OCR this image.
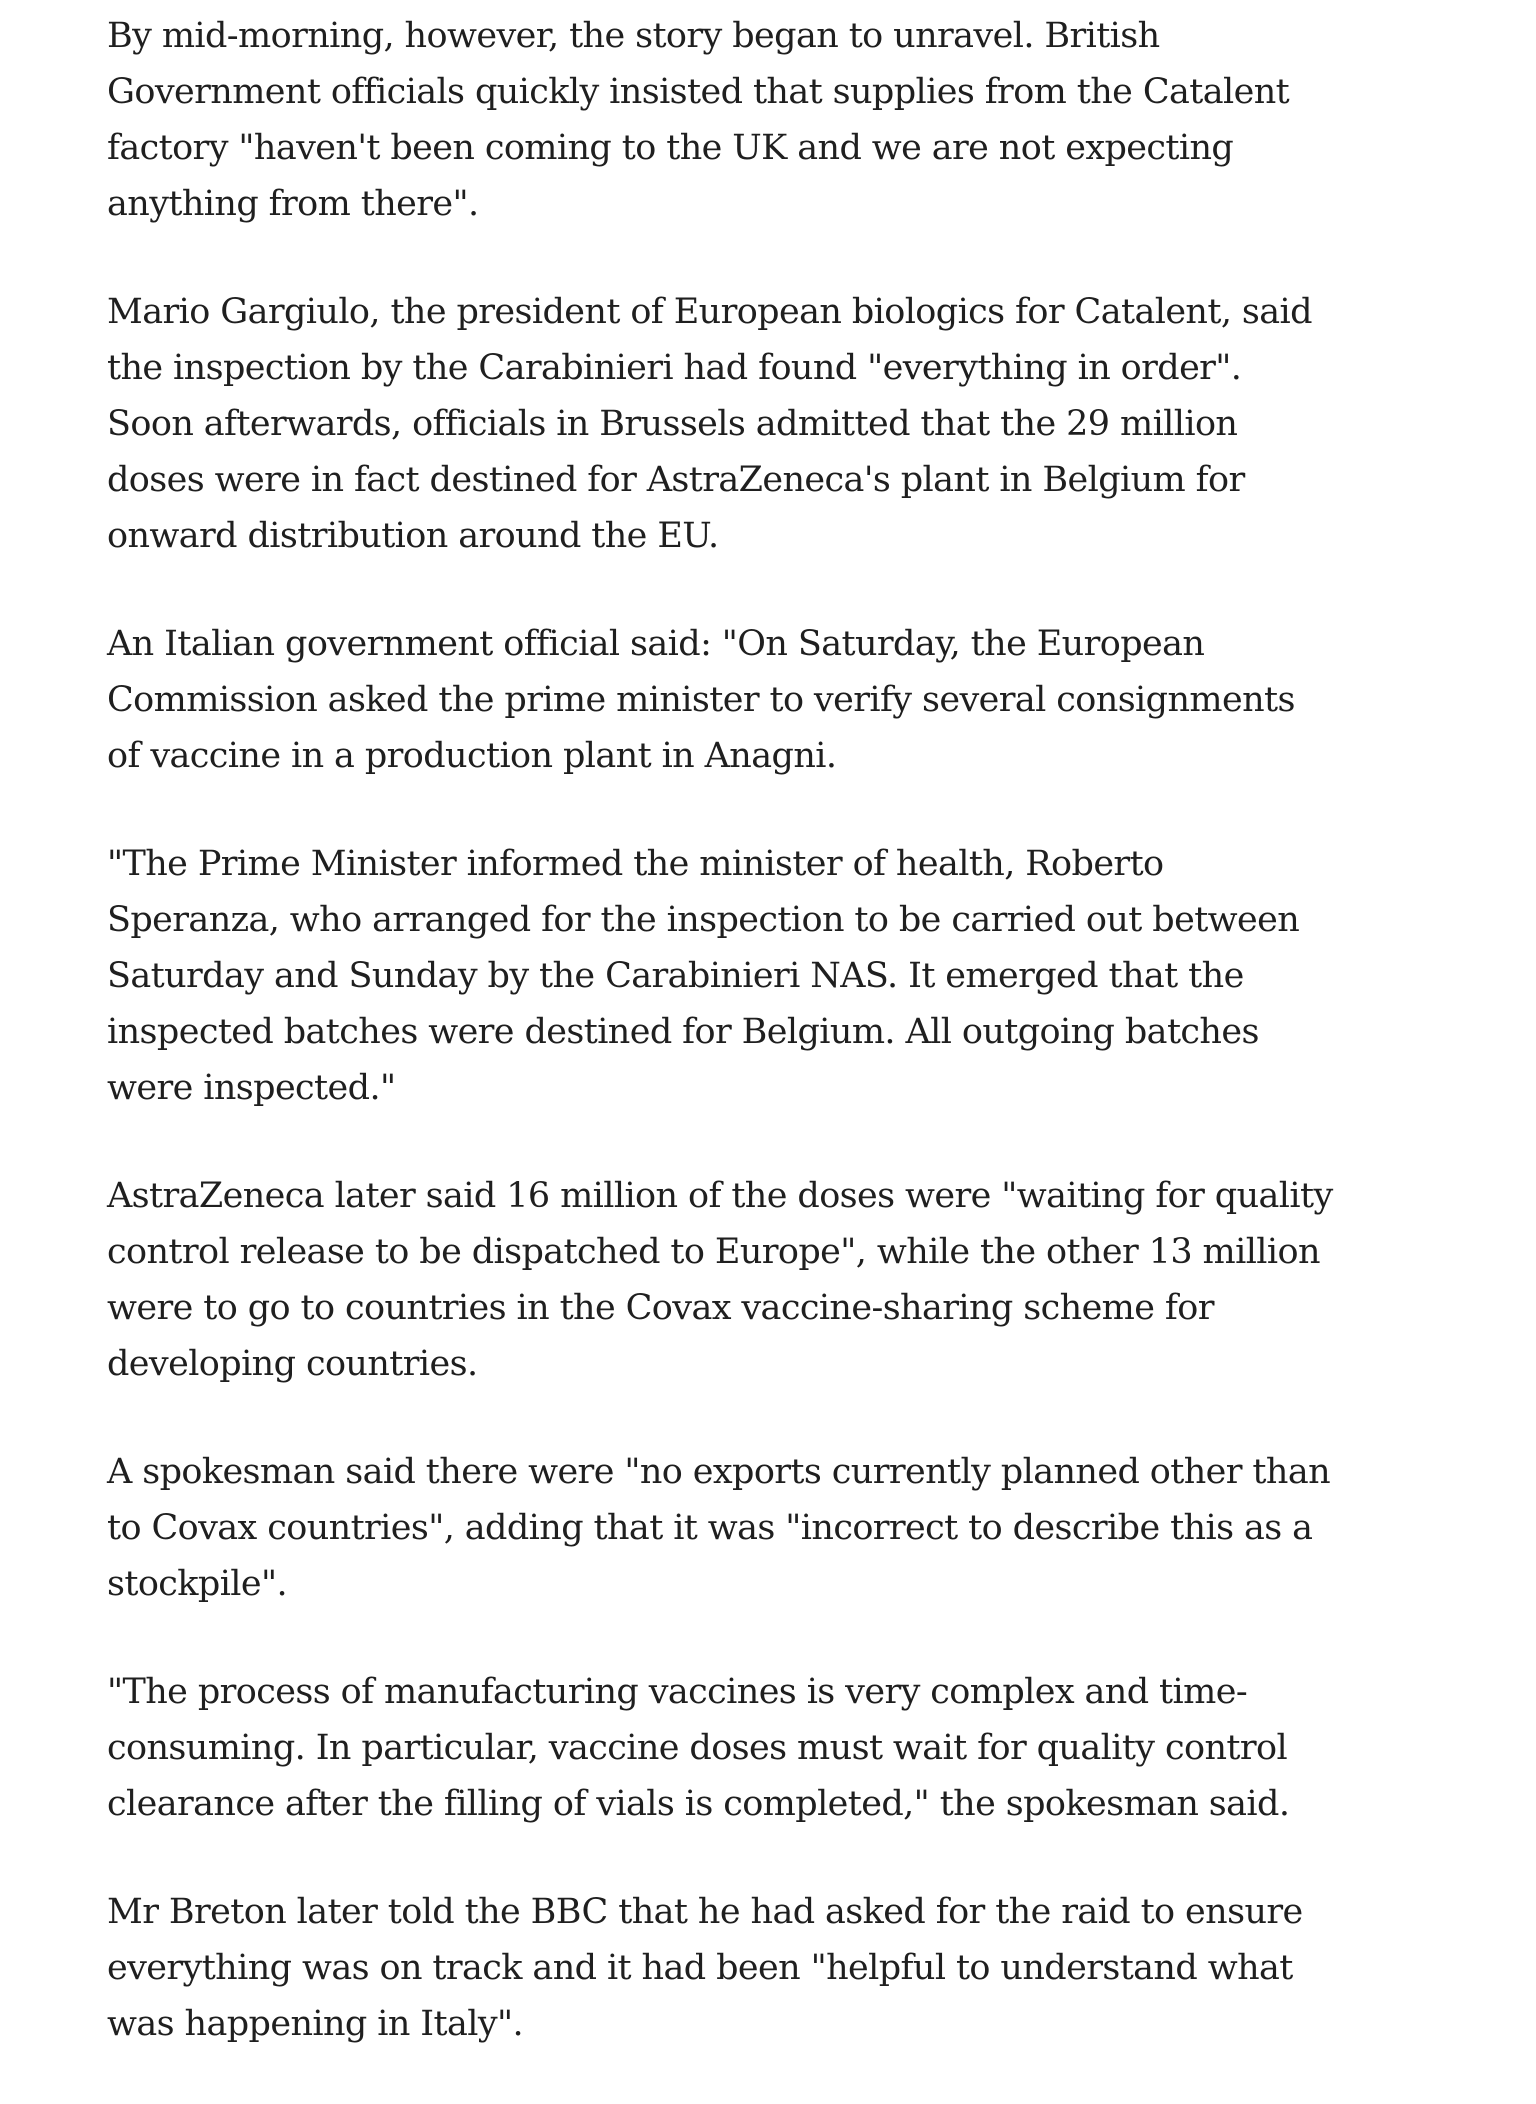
By mid-morning, however, the story began to unravel. British Government officials quickly insisted that supplies from the Catalent factory "haven't been coming to the UK and we are not expecting anything from there".

Mario Gargiulo, the president of European biologics for Catalent, said the inspection by the Carabinieri had found "everything in order". Soon afterwards, officials in Brussels admitted that the 29 million doses were in fact destined for AstraZeneca's plant in Belgium for onward distribution around the EU.

An Italian government official said: "On Saturday, the European Commission asked the prime minister to verify several consignments of vaccine in a production plant in Anagni.

"The Prime Minister informed the minister of health, Roberto Speranza, who arranged for the inspection to be carried out between Saturday and Sunday by the Carabinieri NAS. It emerged that the inspected batches were destined for Belgium. All outgoing batches were inspected."

AstraZeneca later said 16 million of the doses were "waiting for quality control release to be dispatched to Europe", while the other 13 million were to go to countries in the Covax vaccine-sharing scheme for developing countries.

A spokesman said there were "no exports currently planned other than to Covax countries", adding that it was "incorrect to describe this as a stockpile".

"The process of manufacturing vaccines is very complex and time-consuming. In particular, vaccine doses must wait for quality control clearance after the filling of vials is completed," the spokesman said.

Mr Breton later told the BBC that he had asked for the raid to ensure everything was on track and it had been "helpful to understand what was happening in Italy".
